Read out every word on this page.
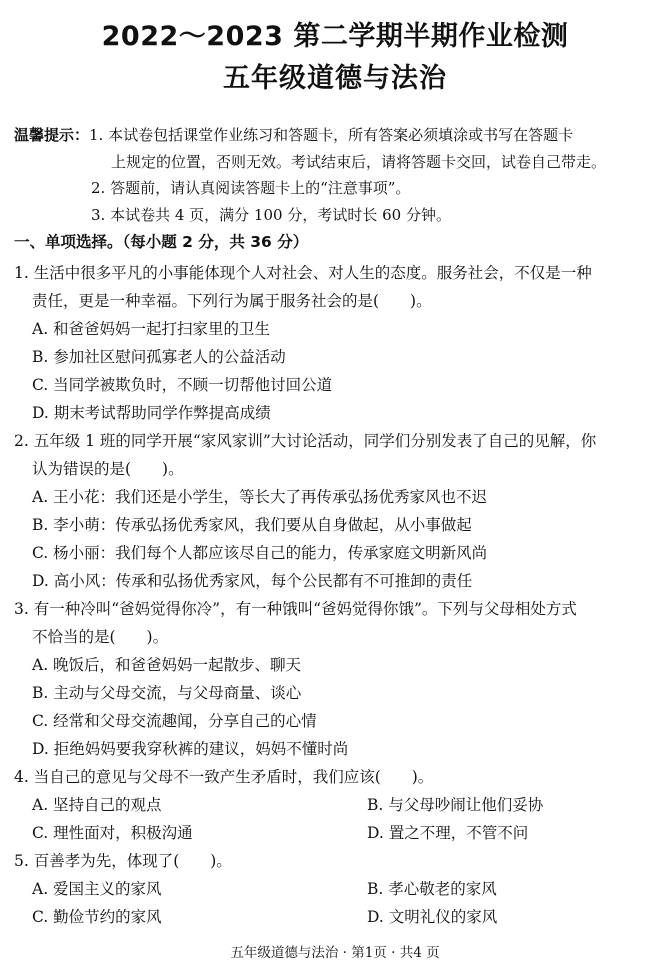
2022～2023 第二学期半期作业检测
五年级道德与法治
温馨提示： 1. 本试卷包括课堂作业练习和答题卡，所有答案必须填涂或书写在答题卡
上规定的位置，否则无效。考试结束后，请将答题卡交回，试卷自己带走。
2. 答题前，请认真阅读答题卡上的“注意事项”。
3. 本试卷共 4 页，满分 100 分，考试时长 60 分钟。
一、单项选择。（每小题 2 分，共 36 分）
1. 生活中很多平凡的小事能体现个人对社会、对人生的态度。服务社会，不仅是一种
责任，更是一种幸福。下列行为属于服务社会的是(　　)。
A. 和爸爸妈妈一起打扫家里的卫生
B. 参加社区慰问孤寡老人的公益活动
C. 当同学被欺负时，不顾一切帮他讨回公道
D. 期末考试帮助同学作弊提高成绩
2. 五年级 1 班的同学开展“家风家训”大讨论活动，同学们分别发表了自己的见解，你
认为错误的是(　　)。
A. 王小花：我们还是小学生，等长大了再传承弘扬优秀家风也不迟
B. 李小萌：传承弘扬优秀家风，我们要从自身做起，从小事做起
C. 杨小丽：我们每个人都应该尽自己的能力，传承家庭文明新风尚
D. 高小风：传承和弘扬优秀家风，每个公民都有不可推卸的责任
3. 有一种冷叫“爸妈觉得你冷”，有一种饿叫“爸妈觉得你饿”。下列与父母相处方式
不恰当的是(　　)。
A. 晚饭后，和爸爸妈妈一起散步、聊天
B. 主动与父母交流，与父母商量、谈心
C. 经常和父母交流趣闻，分享自己的心情
D. 拒绝妈妈要我穿秋裤的建议，妈妈不懂时尚
4. 当自己的意见与父母不一致产生矛盾时，我们应该(　　)。
A. 坚持自己的观点	B. 与父母吵闹让他们妥协
C. 理性面对，积极沟通	D. 置之不理，不管不问
5. 百善孝为先，体现了(　　)。
A. 爱国主义的家风	B. 孝心敬老的家风
C. 勤俭节约的家风	D. 文明礼仪的家风
五年级道德与法治 · 第1页 · 共4 页
